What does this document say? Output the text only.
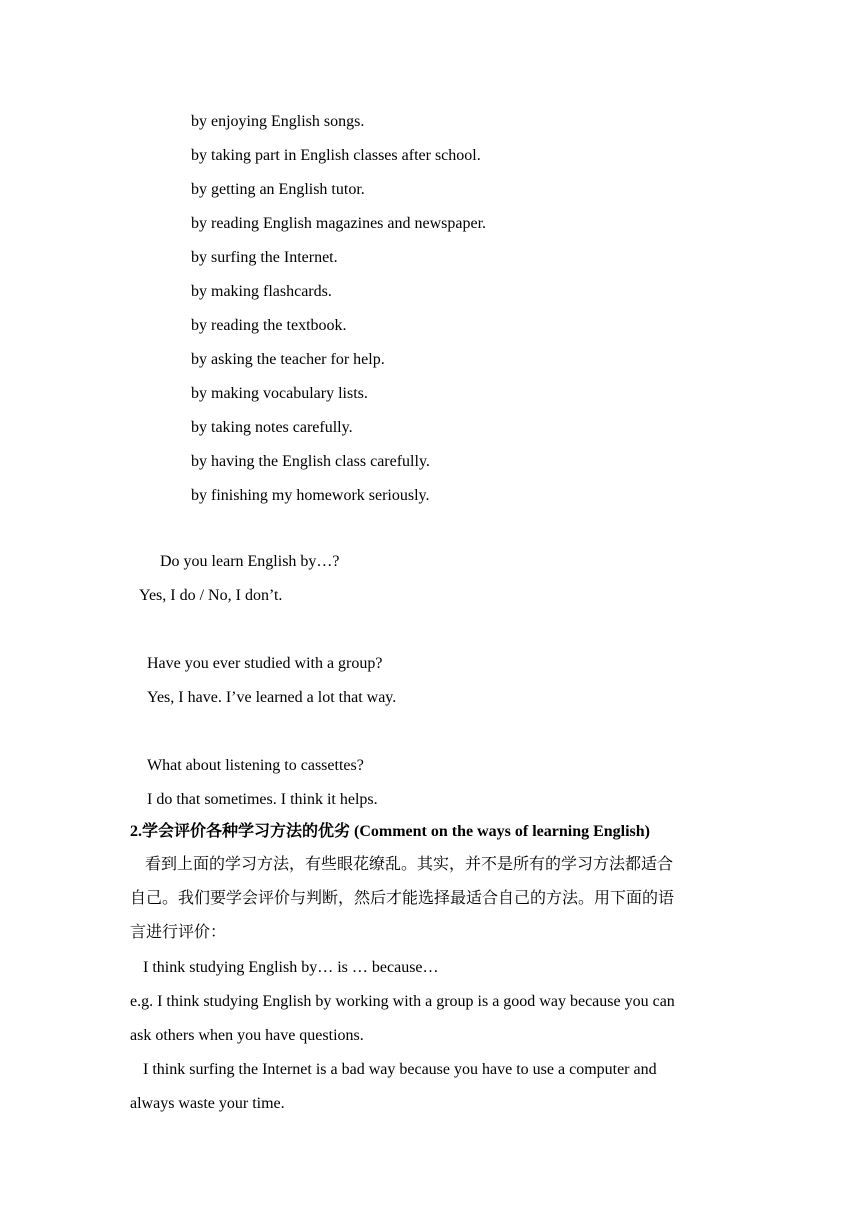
by enjoying English songs.
by taking part in English classes after school.
by getting an English tutor.
by reading English magazines and newspaper.
by surfing the Internet.
by making flashcards.
by reading the textbook.
by asking the teacher for help.
by making vocabulary lists.
by taking notes carefully.
by having the English class carefully.
by finishing my homework seriously.
Do you learn English by…?
Yes, I do / No, I don’t.
Have you ever studied with a group?
Yes, I have. I’ve learned a lot that way.
What about listening to cassettes?
I do that sometimes. I think it helps.
2.学会评价各种学习方法的优劣 (Comment on the ways of learning English)
看到上面的学习方法，有些眼花缭乱。其实，并不是所有的学习方法都适合
自己。我们要学会评价与判断，然后才能选择最适合自己的方法。用下面的语
言进行评价：
I think studying English by… is … because…
e.g. I think studying English by working with a group is a good way because you can
ask others when you have questions.
I think surfing the Internet is a bad way because you have to use a computer and
always waste your time.
